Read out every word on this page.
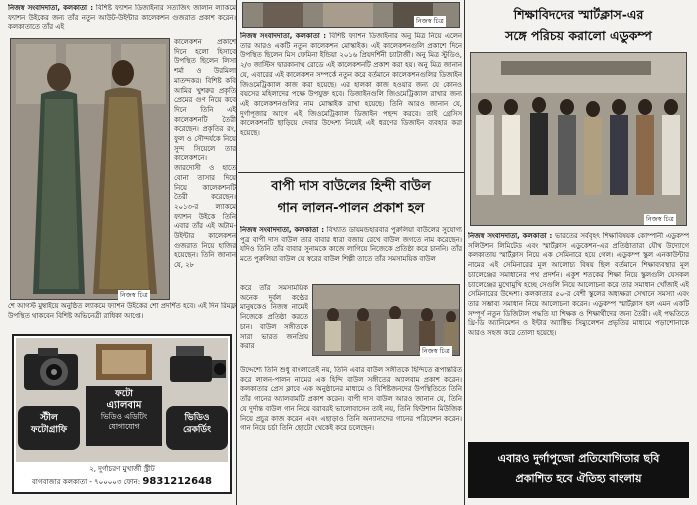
নিজস্ব সংবাদদাতা, কলকাতা : বিশিষ্ট ফ্যাশন ডিজাইনার সত্যজিৎ জালান ল্যাকমে ফ্যাশন উইকের জন্য তাঁর নতুন আউট-উইন্টার কালেকশন গুজরাত প্রকাশ করেন। কলকাতাতে তাঁর এই
নিজস্ব চিত্র
কালেকশন প্রকাশে দিনে হলো হিসাবে উপস্থিত ছিলেন লিসা শর্মা ও উরমিলা মাতন্দকর। বিশিষ্ট কবি আমির খুশরুর প্রকৃতি প্রেমের গুণ নিয়ে কবে দিনে তিনি এই কালেকশনটি তৈরী করেছেন। প্রকৃতির রং, ফুল ও সৌন্দর্যকে নিয়ে সুন্দ সিয়েলে তার কালেকশনে। জারদোসী ও হাতে বোনা তাসার দিয়ে নিয়ে কালেকশনটি তৈরী করেছেন। ২০১৩-র ল্যাকমে ফ্যাশন উইকে তিনি এবার তাঁর এই অটাম-উইন্টার কালেকশন গুজরাত নিয়ে হাজির হয়েছেন। তিনি জানান যে, ২৮
শে আগস্ট মুম্বাইয়ে অনুষ্ঠিত ল্যাকমে ফ্যাশন উইকের শো প্রদর্শিত হবে। এই দিন রিমফ্ল উপস্থিত থাকবেন বিশিষ্ট অভিনেত্রী রাধিকা আপ্তে।
ফটো
এ্যালবাম
ভিডিও এডিটিং
যোগাযোগ
স্টীল
ফটোগ্রাফি
ভিডিও
রেকর্ডিং
২, দুর্গাচরণ মুখার্জী স্ট্রীট
বাগবাজার কলকাতা - ৭০০০০৩ ফোন: 9831212648
নিজস্ব চিত্র
নিজস্ব সংবাদদাতা, কলকাতা : বিশিষ্ট ফ্যাশন ডিজাইনার অনু মিত্র নিয়ে এলেন তার আরও একটি নতুন কালেকশন মোস্কাইক। এই কালেকশনগুলি প্রকাশে দিনে উপস্থিত ছিলেন মিস ফেমিনা ইন্ডিয়া ২০১৬ প্রিয়দর্শিনী চ্যাটার্জী। অনু মিত্র স্টুডিও, ২/৩ জাস্টিস দ্বারকানাথ রোডে এই কালেকশনটি প্রকাশ করা হয়। অনু মিত্র জানান যে, এবারের এই কালেকশন সম্পর্কে নতুন করে বর্তমানে কালেকশনগুলির ডিজাইন জিওমেট্রিক্যাল কাজ করা হয়েছে। এর হালকা কাজ হওয়ার জন্য যে কোনও বয়সের মহিলাদের পক্ষে উপযুক্ত হবে। ডিজাইনগুলি জিওমেট্রিক্যাল রাখার জন্য এই কালেকশনগুলির নাম মোস্কাইক রাখা হয়েছে। তিনি আরও জানান যে, দুর্গাপূজার আগে এই জিওমেট্রিক্যাল ডিজাইন পছন্দ করবে। তাই গ্রেসিস কালেকশনটি ছাড়িয়ে দেবার উদ্দেশ্য নিয়েই এই ধরণের ডিজাইন ব্যবহার করা হয়েছে।
বাপী দাস বাউলের হিন্দী বাউল
গান লালন-পালন প্রকাশ হল
নিজস্ব সংবাদদাতা, কলকাতা : বিখ্যাত ডায়মন্ডহারবার পুরুলিয়া বাউলের সুযোগ্য পুত্র বাপী দাস বাউল তার বাবার ধারা বজায় রেখে বাউল জগতে নাম করেছেন। যদিও তিনি তাঁর বাবার সুনামকে কাজে লাগিয়ে নিজেকে প্রতিষ্ঠা করে চাননি। তাঁর মতে পুরুলিয়া বাউল যে স্বরের বাউল শিল্পী তাতে তাঁর সমসাময়িক বাউল
করে তাঁর সমসাময়িক অনেক দুর্বল কণ্ঠের মানুষকেও নিজস্ব নামেই নিজেকে প্রতিষ্ঠা করতে চান। বাউল সঙ্গীতকে সারা ভারত জনপ্রিয় করার
নিজস্ব চিত্র
উদ্দেশ্যে তিনি শুধু বাংলাতেই নয়, তিনি এবার বাউল সঙ্গীতকে হিন্দিতে রূপান্তরিত করে লালন-পালন নামের এক হিন্দি বাউল সঙ্গীতের অ্যালবাম প্রকাশ করেন। কলকাতার প্রেস ক্লাবে এক অনুষ্ঠানের মাধ্যমে ও বিশিষ্টজনদের উপস্থিতিতে তিনি তাঁর গানের অ্যালবামটি প্রকাশ করেন। বাপী দাস বাউল আরও জানান যে, তিনি যে দুর্দান্ত বাউল গান নিয়ে বরাবরই ভালোবাসেন তাই নয়, তিনি ফিউশান মিউজিক নিয়ে প্রচুর কাজ করেন এবং এছাড়াও তিনি অন্যান্যদের গানের পরিবেশন করেন। গান নিয়ে চর্চা তিনি ছোটো থেকেই করে চলেছেন।
শিক্ষাবিদদের স্মার্টক্লাস-এর
সঙ্গে পরিচয় করালো এডুকম্প
নিজস্ব চিত্র
নিজস্ব সংবাদদাতা, কলকাতা : ভারতের সর্ববৃহৎ শিক্ষাবিষয়ক কোম্পানী এডুকম্প সলিউশন লিমিটেড এবং স্মার্টক্লাস এডুকেশন-এর প্রতিষ্ঠাতারা যৌথ উদ্যোগে কলকাতায় স্মার্টক্লাস নিয়ে এক সেমিনারে হয়ে গেল। এডুকম্প স্কুল এনকাউন্টার নামের এই সেমিনারের মূল আলোচ্য বিষয় ছিল বর্তমানে শিক্ষাব্যবস্থার মূল চ্যালেঞ্জের সমাধানের পথ প্রদর্শন। একুশ শতকের শিক্ষা নিয়ে স্কুলগুলি যেসকল চ্যালেঞ্জের মুখোমুখি হচ্ছে সেগুলি নিয়ে আলোচনা করে তার সমাধান খোঁজাই এই সেমিনারের উদ্দেশ্য। কলকাতার ৫০-র বেশী স্কুলের অধ্যক্ষরা সেখানে সমস্যা এবং তার সম্ভাব্য সমাধান নিয়ে আলোচনা করেন। এডুকম্প স্মার্টক্লাস হল এমন একটি সম্পূর্ণ নতুন ডিজিটাল পদ্ধতি যা শিক্ষক ও শিক্ষার্থীদের জন্য তৈরী। এই পদ্ধতিতে থ্রি-ডি অ্যানিমেশন ও ইন্টার অ্যাক্টিভ সিম্যুলেশন প্রভৃতির মাধ্যমে পড়াশোনাকে আরও সহজ করে তোলা হয়েছে।
এবারও দুর্গাপুজো প্রতিযোগিতার ছবি
প্রকাশিত হবে ঐতিহ্য বাংলায়
